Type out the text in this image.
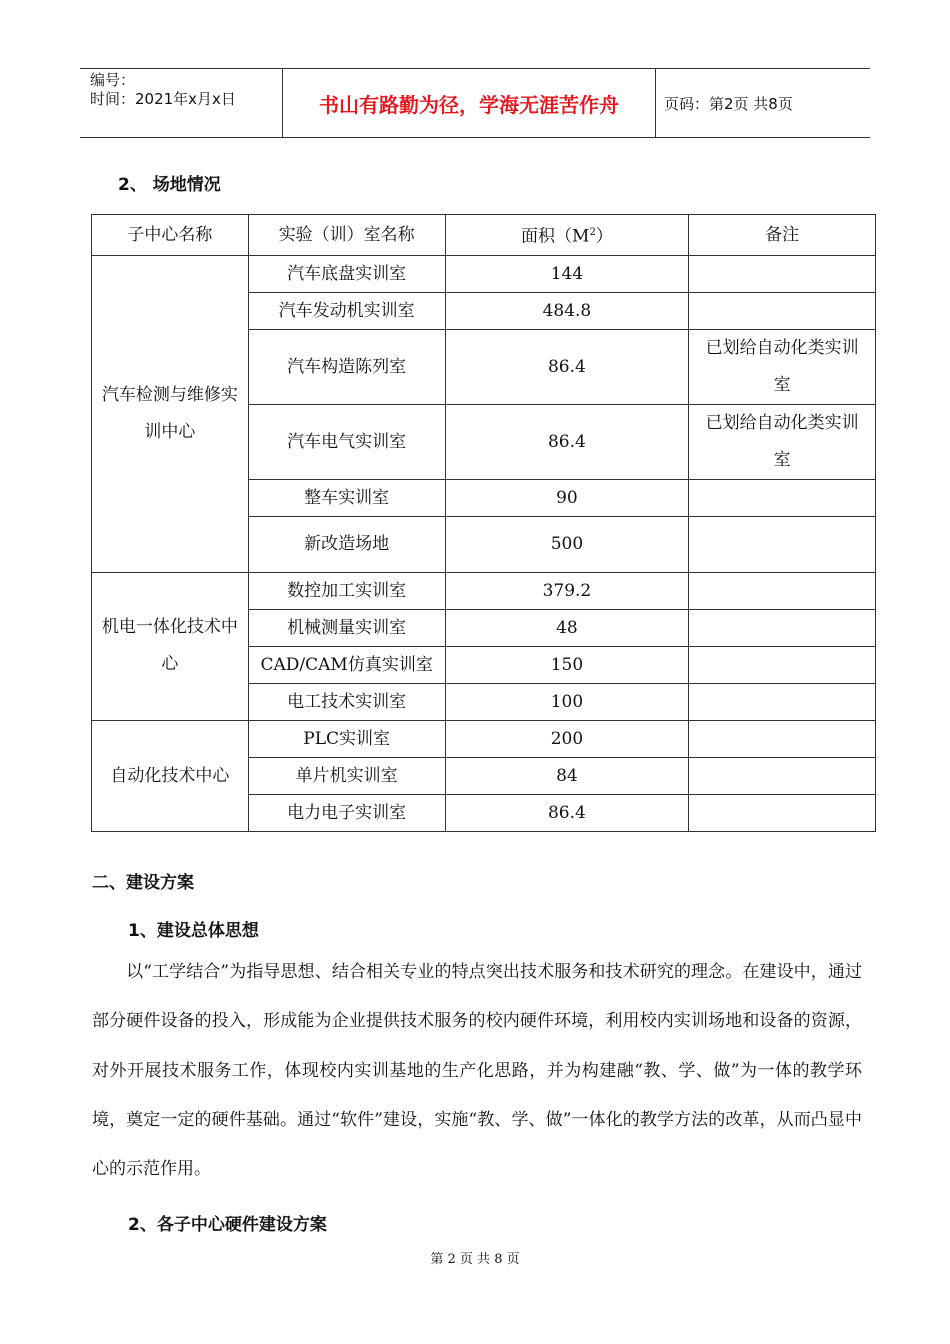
编号：
时间：2021年x月x日	书山有路勤为径，学海无涯苦作舟	页码：第2页 共8页
2、 场地情况
子中心名称	实验（训）室名称	面积$(M^2)$	备注
汽车检测与维修实训中心	汽车底盘实训室	144	
	汽车发动机实训室	484.8	
	汽车构造陈列室	86.4	已划给自动化类实训室
	汽车电气实训室	86.4	已划给自动化类实训室
	整车实训室	90	
	新改造场地	500	
机电一体化技术中心	数控加工实训室	379.2	
	机械测量实训室	48	
	CAD/CAM仿真实训室	150	
	电工技术实训室	100	
自动化技术中心	PLC实训室	200	
	单片机实训室	84	
	电力电子实训室	86.4	
二、建设方案
1、建设总体思想
以“工学结合”为指导思想、结合相关专业的特点突出技术服务和技术研究的理念。在建设中，通过部分硬件设备的投入，形成能为企业提供技术服务的校内硬件环境，利用校内实训场地和设备的资源，对外开展技术服务工作，体现校内实训基地的生产化思路，并为构建融“教、学、做”为一体的教学环境，奠定一定的硬件基础。通过“软件”建设，实施“教、学、做”一体化的教学方法的改革，从而凸显中心的示范作用。
2、各子中心硬件建设方案
第 2 页 共 8 页
